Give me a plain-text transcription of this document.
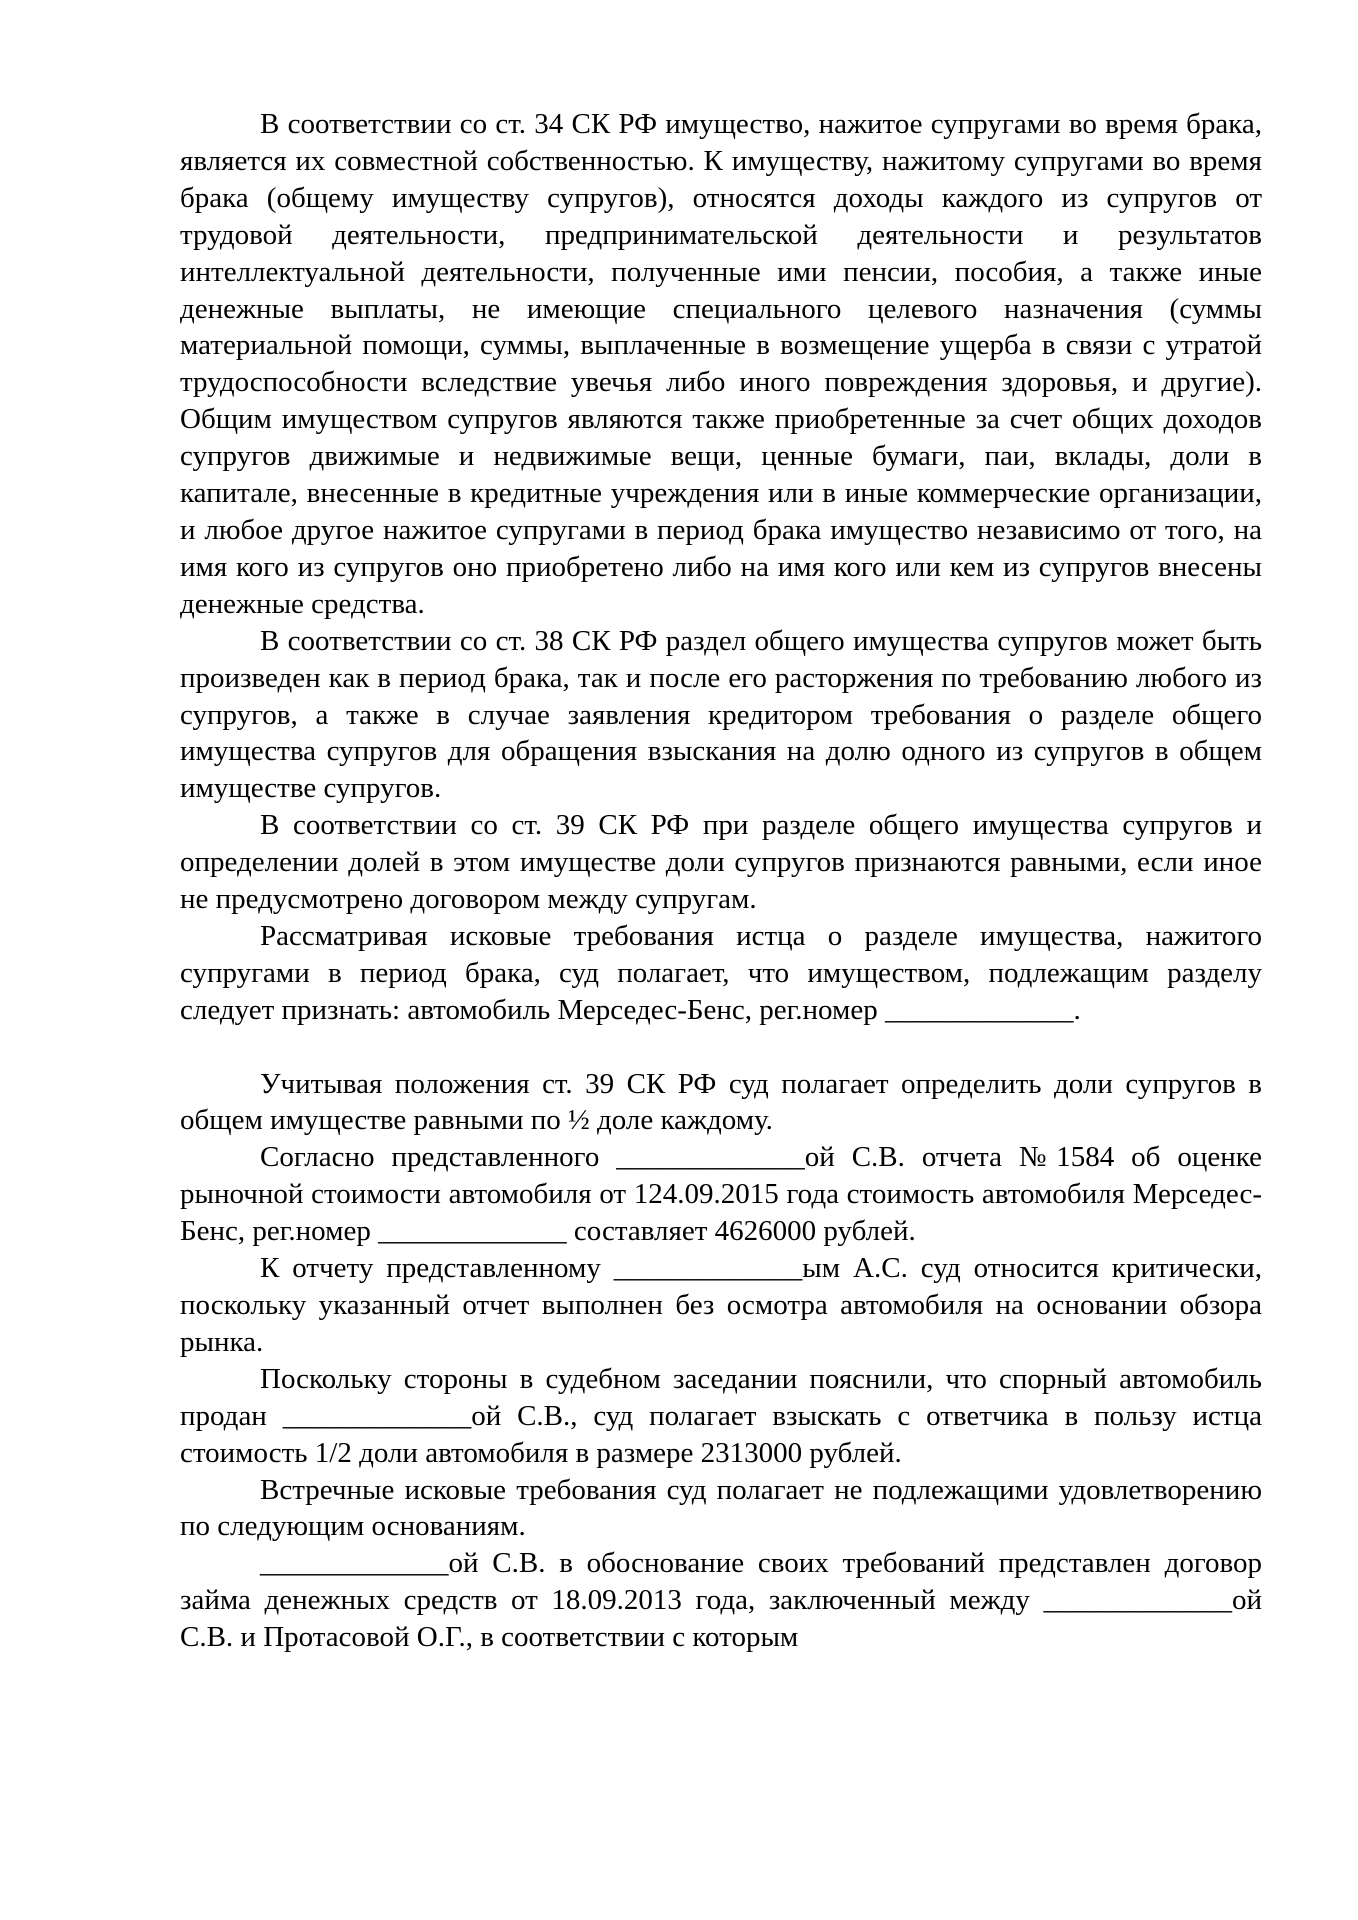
В соответствии со ст. 34 СК РФ имущество, нажитое супругами во время брака, является их совместной собственностью. К имуществу, нажитому супругами во время брака (общему имуществу супругов), относятся доходы каждого из супругов от трудовой деятельности, предпринимательской деятельности и результатов интеллектуальной деятельности, полученные ими пенсии, пособия, а также иные денежные выплаты, не имеющие специального целевого назначения (суммы материальной помощи, суммы, выплаченные в возмещение ущерба в связи с утратой трудоспособности вследствие увечья либо иного повреждения здоровья, и другие). Общим имуществом супругов являются также приобретенные за счет общих доходов супругов движимые и недвижимые вещи, ценные бумаги, паи, вклады, доли в капитале, внесенные в кредитные учреждения или в иные коммерческие организации, и любое другое нажитое супругами в период брака имущество независимо от того, на имя кого из супругов оно приобретено либо на имя кого или кем из супругов внесены денежные средства.

В соответствии со ст. 38 СК РФ раздел общего имущества супругов может быть произведен как в период брака, так и после его расторжения по требованию любого из супругов, а также в случае заявления кредитором требования о разделе общего имущества супругов для обращения взыскания на долю одного из супругов в общем имуществе супругов.

В соответствии со ст. 39 СК РФ при разделе общего имущества супругов и определении долей в этом имуществе доли супругов признаются равными, если иное не предусмотрено договором между супругам.

Рассматривая исковые требования истца о разделе имущества, нажитого супругами в период брака, суд полагает, что имуществом, подлежащим разделу следует признать: автомобиль Мерседес-Бенс, рег.номер _____________.

Учитывая положения ст. 39 СК РФ суд полагает определить доли супругов в общем имуществе равными по ½ доле каждому.

Согласно представленного _____________ой С.В. отчета №1584 об оценке рыночной стоимости автомобиля от 124.09.2015 года стоимость автомобиля Мерседес-Бенс, рег.номер _____________ составляет 4626000 рублей.

К отчету представленному _____________ым А.С. суд относится критически, поскольку указанный отчет выполнен без осмотра автомобиля на основании обзора рынка.

Поскольку стороны в судебном заседании пояснили, что спорный автомобиль продан _____________ой С.В., суд полагает взыскать с ответчика в пользу истца стоимость 1/2 доли автомобиля в размере 2313000 рублей.

Встречные исковые требования суд полагает не подлежащими удовлетворению по следующим основаниям.

_____________ой С.В. в обоснование своих требований представлен договор займа денежных средств от 18.09.2013 года, заключенный между _____________ой С.В. и Протасовой О.Г., в соответствии с которым
